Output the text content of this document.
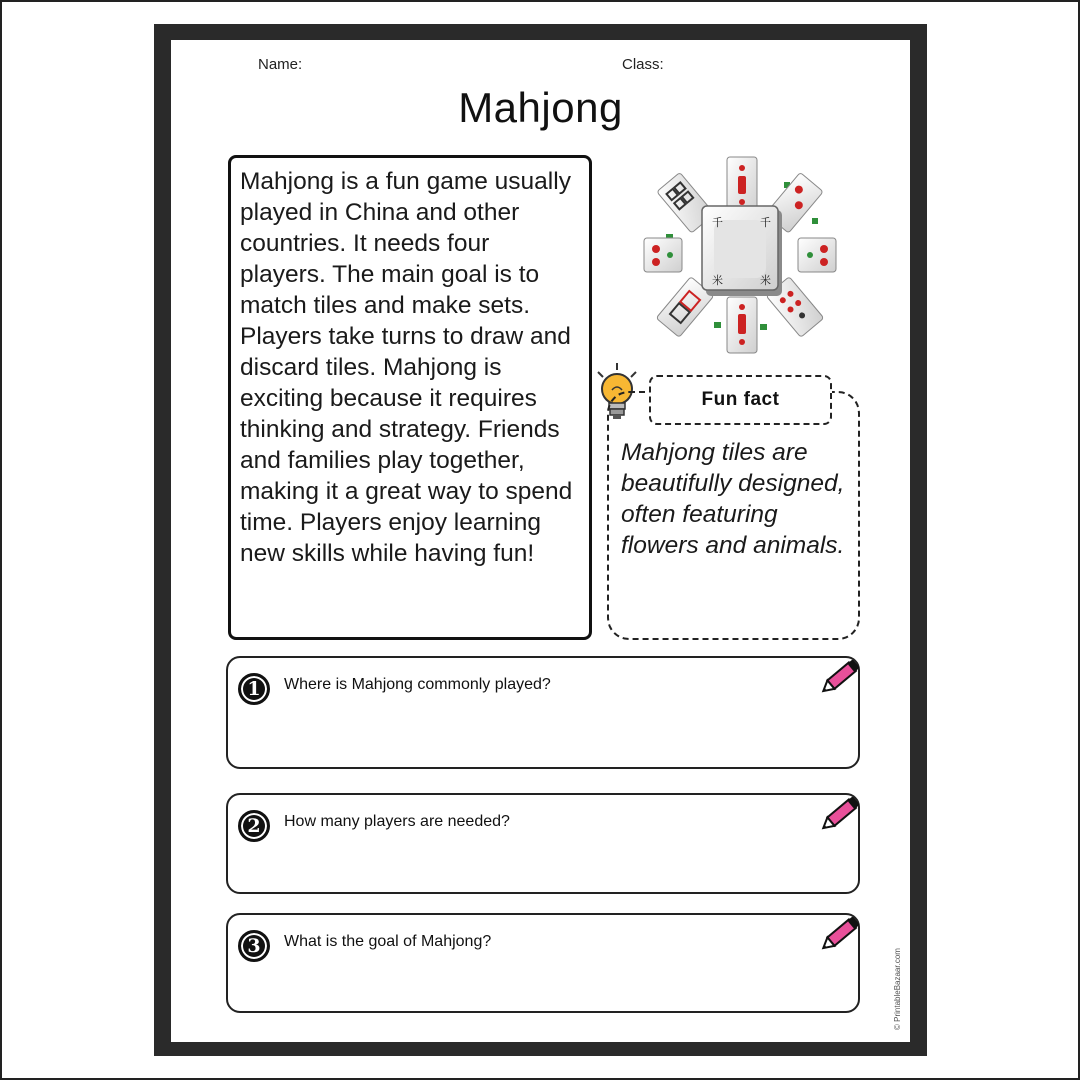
Name:	Class:
Mahjong

Mahjong is a fun game usually played in China and other countries. It needs four players. The main goal is to match tiles and make sets. Players take turns to draw and discard tiles. Mahjong is exciting because it requires thinking and strategy. Friends and families play together, making it a great way to spend time. Players enjoy learning new skills while having fun!

千	千
米	米

Mahjong tiles are beautifully designed, often featuring flowers and animals.

Fun fact
1	Where is Mahjong commonly played?
2	How many players are needed?
3	What is the goal of Mahjong?
© PrintableBazaar.com
